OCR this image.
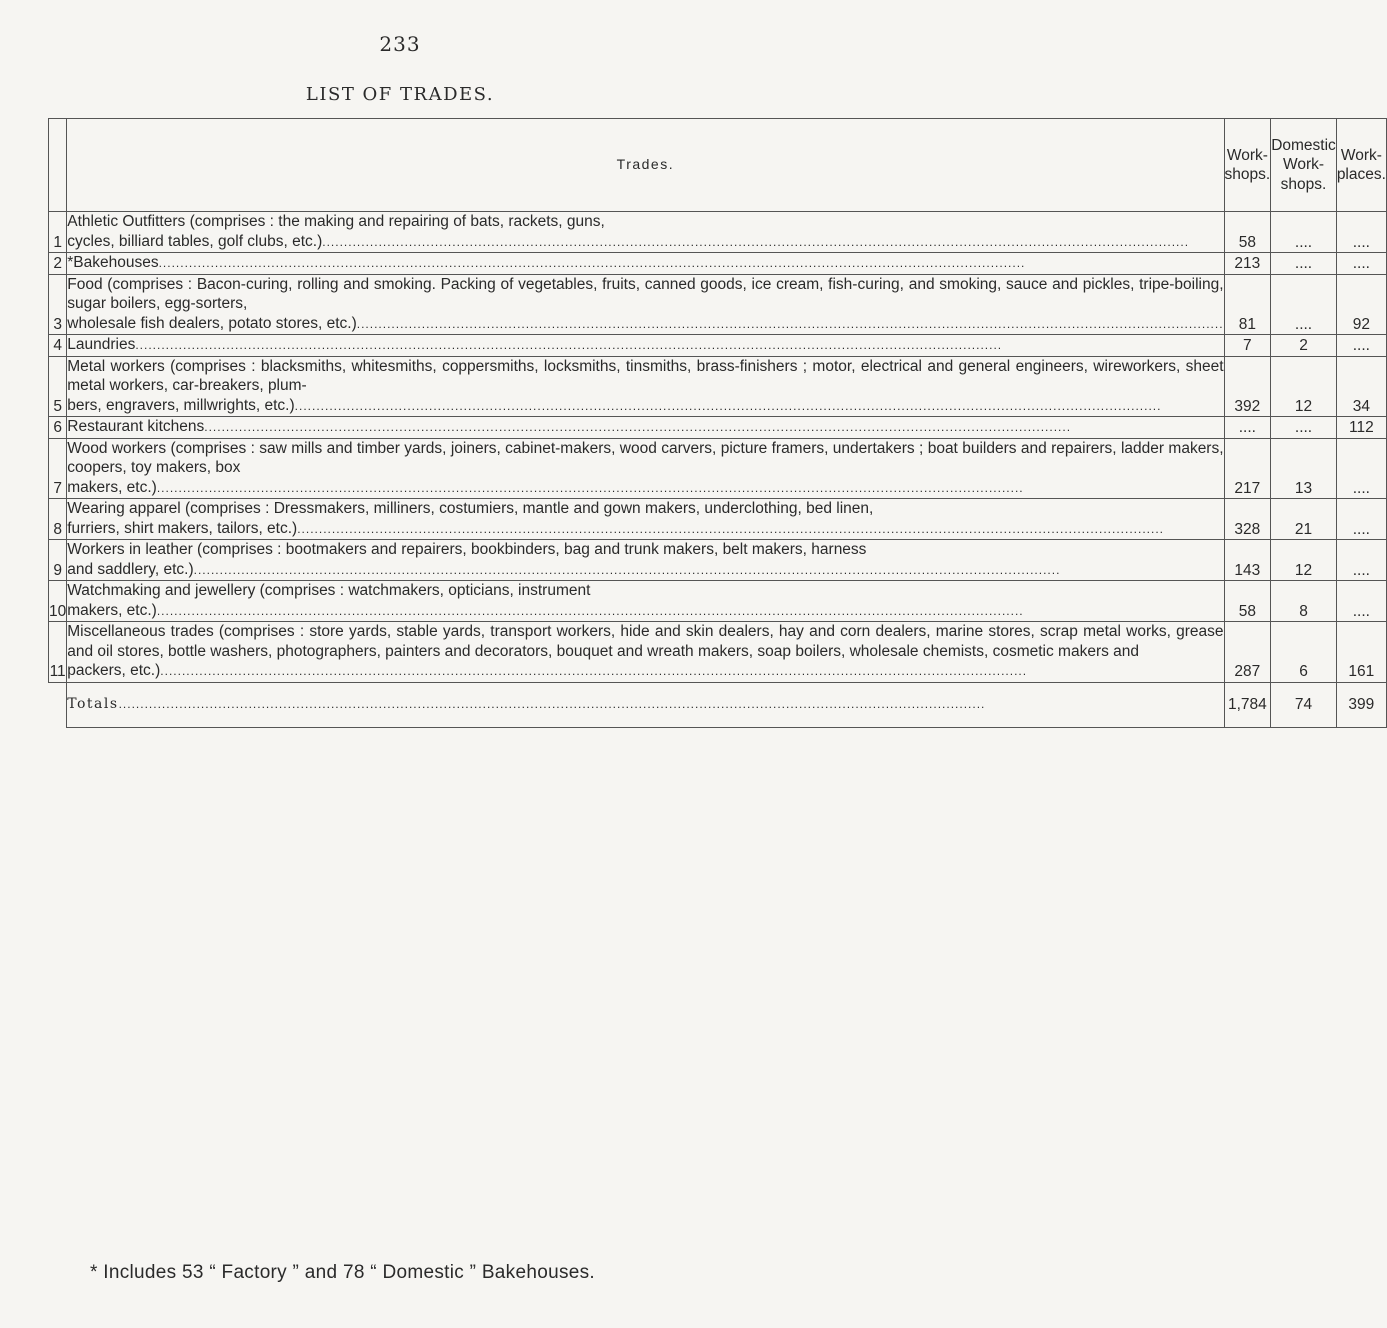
233
LIST OF TRADES.
	Trades.	Work-shops.	Domestic Work-shops.	Work-places.
1	Athletic Outfitters (comprises : the making and repairing of bats, rackets, guns,
cycles, billiard tables, golf clubs, etc.) ........................................................................................................................................................................................................	58	....	....
2	*Bakehouses ........................................................................................................................................................................................................	213	....	....
3	Food (comprises : Bacon-curing, rolling and smoking. Packing of vegetables, fruits, canned goods, ice cream, fish-curing, and smoking, sauce and pickles, tripe-boiling, sugar boilers, egg-sorters,
wholesale fish dealers, potato stores, etc.) ........................................................................................................................................................................................................	81	....	92
4	Laundries ........................................................................................................................................................................................................	7	2	....
5	Metal workers (comprises : blacksmiths, whitesmiths, coppersmiths, locksmiths, tinsmiths, brass-finishers ; motor, electrical and general engineers, wireworkers, sheet metal workers, car-breakers, plum-
bers, engravers, millwrights, etc.) ........................................................................................................................................................................................................	392	12	34
6	Restaurant kitchens ........................................................................................................................................................................................................	....	....	112
7	Wood workers (comprises : saw mills and timber yards, joiners, cabinet-makers, wood carvers, picture framers, undertakers ; boat builders and repairers, ladder makers, coopers, toy makers, box
makers, etc.) ........................................................................................................................................................................................................	217	13	....
8	Wearing apparel (comprises : Dressmakers, milliners, costumiers, mantle and gown makers, underclothing, bed linen,
furriers, shirt makers, tailors, etc.) ........................................................................................................................................................................................................	328	21	....
9	Workers in leather (comprises : bootmakers and repairers, bookbinders, bag and trunk makers, belt makers, harness
and saddlery, etc.) ........................................................................................................................................................................................................	143	12	....
10	Watchmaking and jewellery (comprises : watchmakers, opticians, instrument
makers, etc.) ........................................................................................................................................................................................................	58	8	....
11	Miscellaneous trades (comprises : store yards, stable yards, transport workers, hide and skin dealers, hay and corn dealers, marine stores, scrap metal works, grease and oil stores, bottle washers, photographers, painters and decorators, bouquet and wreath makers, soap boilers, wholesale chemists, cosmetic makers and
packers, etc.) ........................................................................................................................................................................................................	287	6	161

	Totals ........................................................................................................................................................................................................	1,784	74	399
* Includes 53 “ Factory ” and 78 “ Domestic ” Bakehouses.
